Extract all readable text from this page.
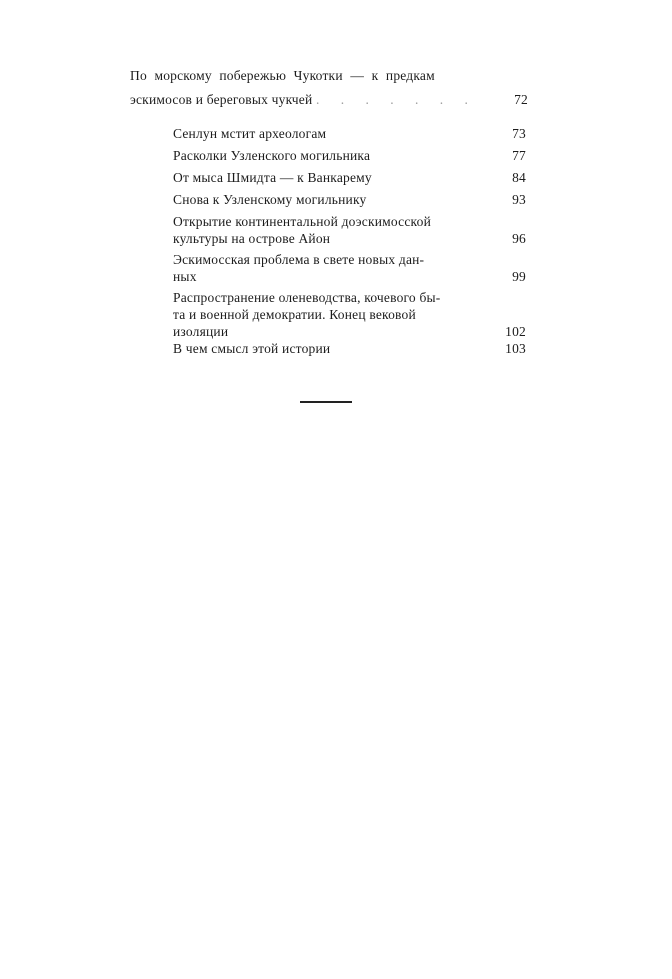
По морскому побережью Чукотки — к предкам
эскимосов и береговых чукчей . . . . . . .	72
Сенлун мстит археологам	73
Расколки Узленского могильника	77
От мыса Шмидта — к Ванкарему	84
Снова к Узленскому могильнику	93
Открытие континентальной доэскимосской
культуры на острове Айон	96
Эскимосская проблема в свете новых дан-
ных	99
Распространение оленеводства, кочевого бы-
та и военной демократии. Конец вековой
изоляции	102
В чем смысл этой истории	103
